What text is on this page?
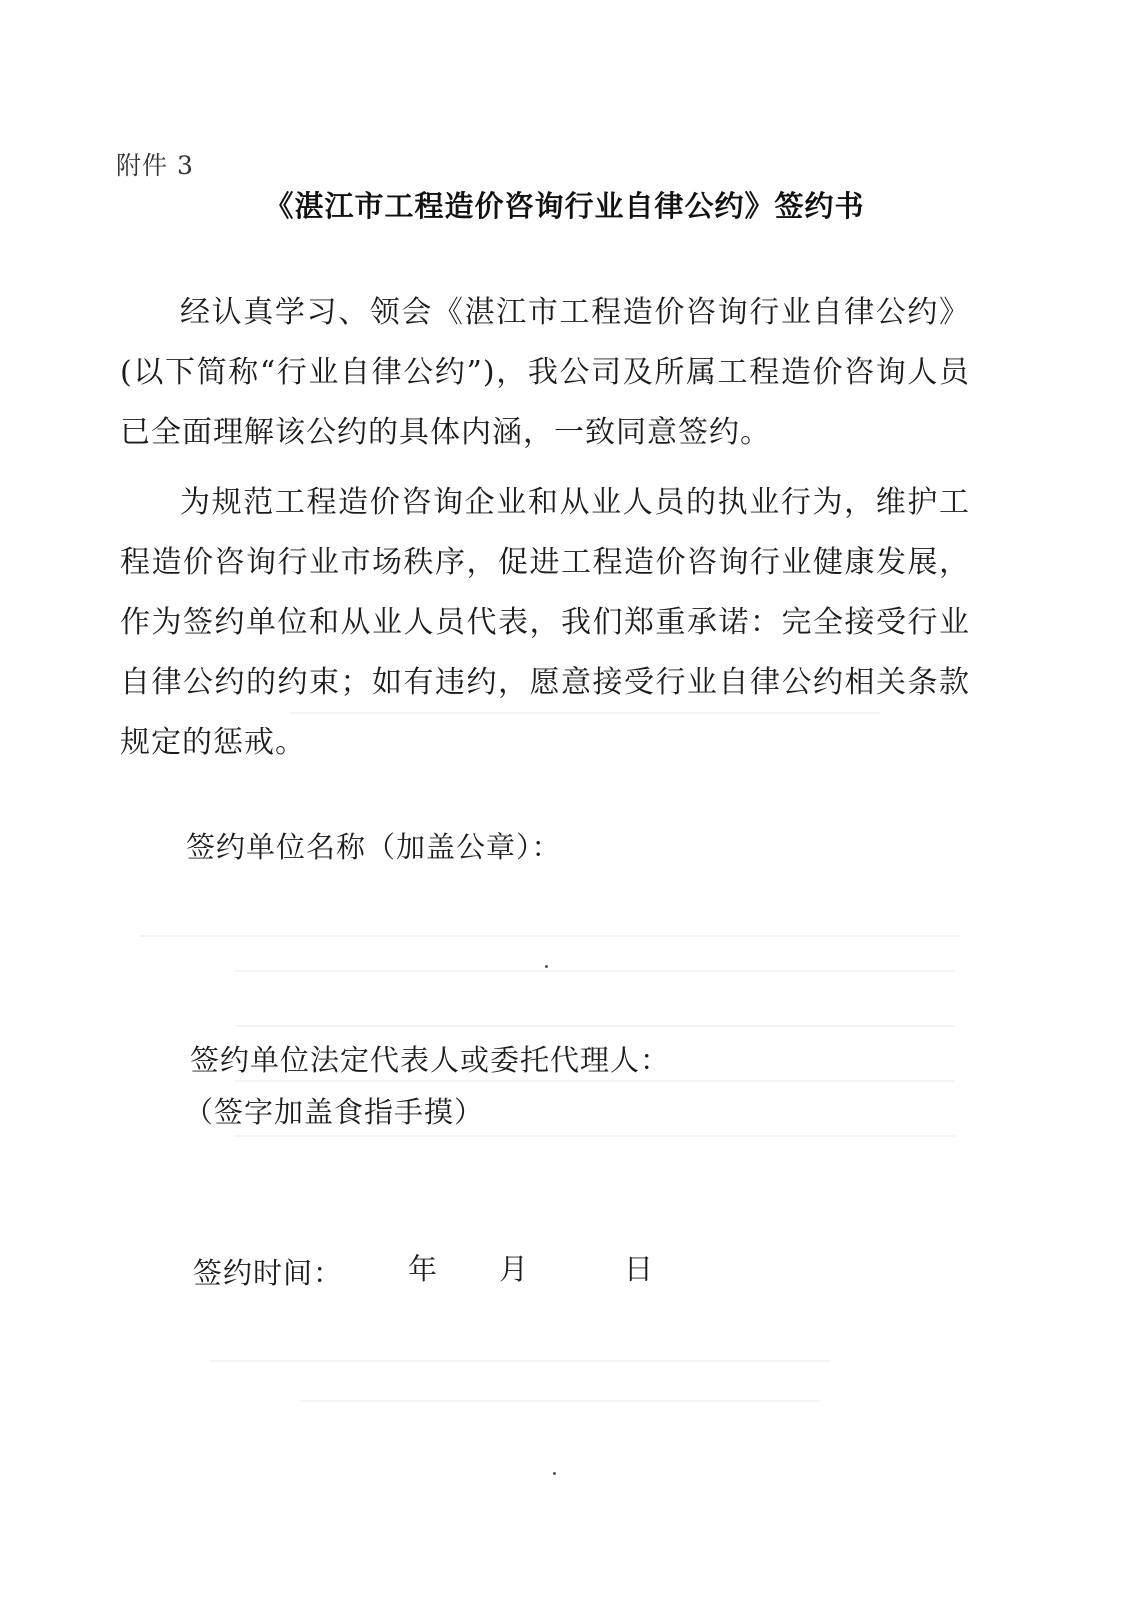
附件 3
《湛江市工程造价咨询行业自律公约》签约书

经认真学习、领会《湛江市工程造价咨询行业自律公约》(以下简称“行业自律公约”)，我公司及所属工程造价咨询人员已全面理解该公约的具体内涵，一致同意签约。

为规范工程造价咨询企业和从业人员的执业行为，维护工程造价咨询行业市场秩序，促进工程造价咨询行业健康发展，作为签约单位和从业人员代表，我们郑重承诺：完全接受行业自律公约的约束；如有违约，愿意接受行业自律公约相关条款规定的惩戒。

签约单位名称（加盖公章）：
签约单位法定代表人或委托代理人：
（签字加盖食指手摸）
签约时间： 年 月	日
